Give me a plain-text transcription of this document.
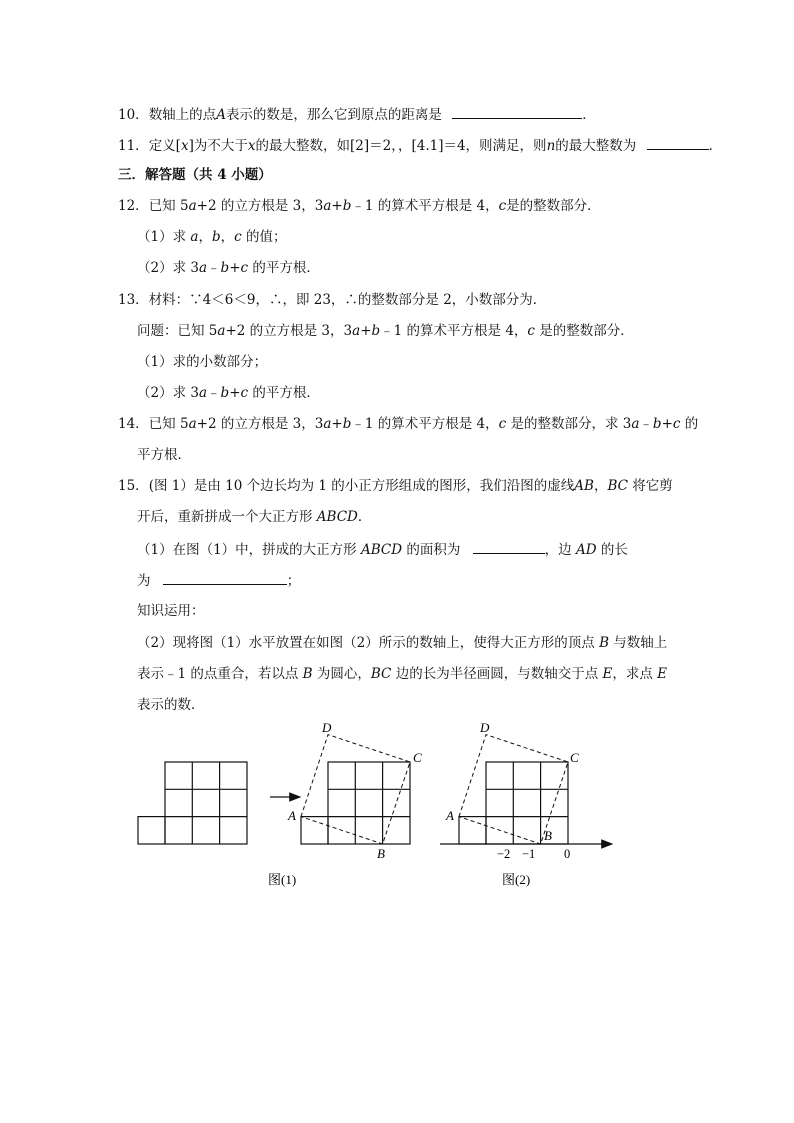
10．数轴上的点A表示的数是，那么它到原点的距离是	．
11．定义[x]为不大于x的最大整数，如[2]＝2，，[4.1]＝4，则满足，则n的最大整数为	．
三．解答题（共 4 小题）
12．已知 5a+2 的立方根是 3，3a+b﹣1 的算术平方根是 4，c是的整数部分．
（1）求 a，b，c 的值；
（2）求 3a﹣b+c 的平方根．
13．材料：∵4＜6＜9，∴，即 23，∴的整数部分是 2，小数部分为．
问题：已知 5a+2 的立方根是 3，3a+b﹣1 的算术平方根是 4，c 是的整数部分．
（1）求的小数部分；
（2）求 3a﹣b+c 的平方根．
14．已知 5a+2 的立方根是 3，3a+b﹣1 的算术平方根是 4，c 是的整数部分，求 3a﹣b+c 的
平方根．
15．(图 1）是由 10 个边长均为 1 的小正方形组成的图形，我们沿图的虚线AB，BC 将它剪
开后，重新拼成一个大正方形 ABCD．
（1）在图（1）中，拼成的大正方形 ABCD 的面积为	，边 AD 的长
为	；
知识运用：
（2）现将图（1）水平放置在如图（2）所示的数轴上，使得大正方形的顶点 B 与数轴上
表示﹣1 的点重合，若以点 B 为圆心，BC 边的长为半径画圆，与数轴交于点 E，求点 E
表示的数．
D
C
A
B
图(1)
D
C
A
B
−2 −1 0
图(2)
